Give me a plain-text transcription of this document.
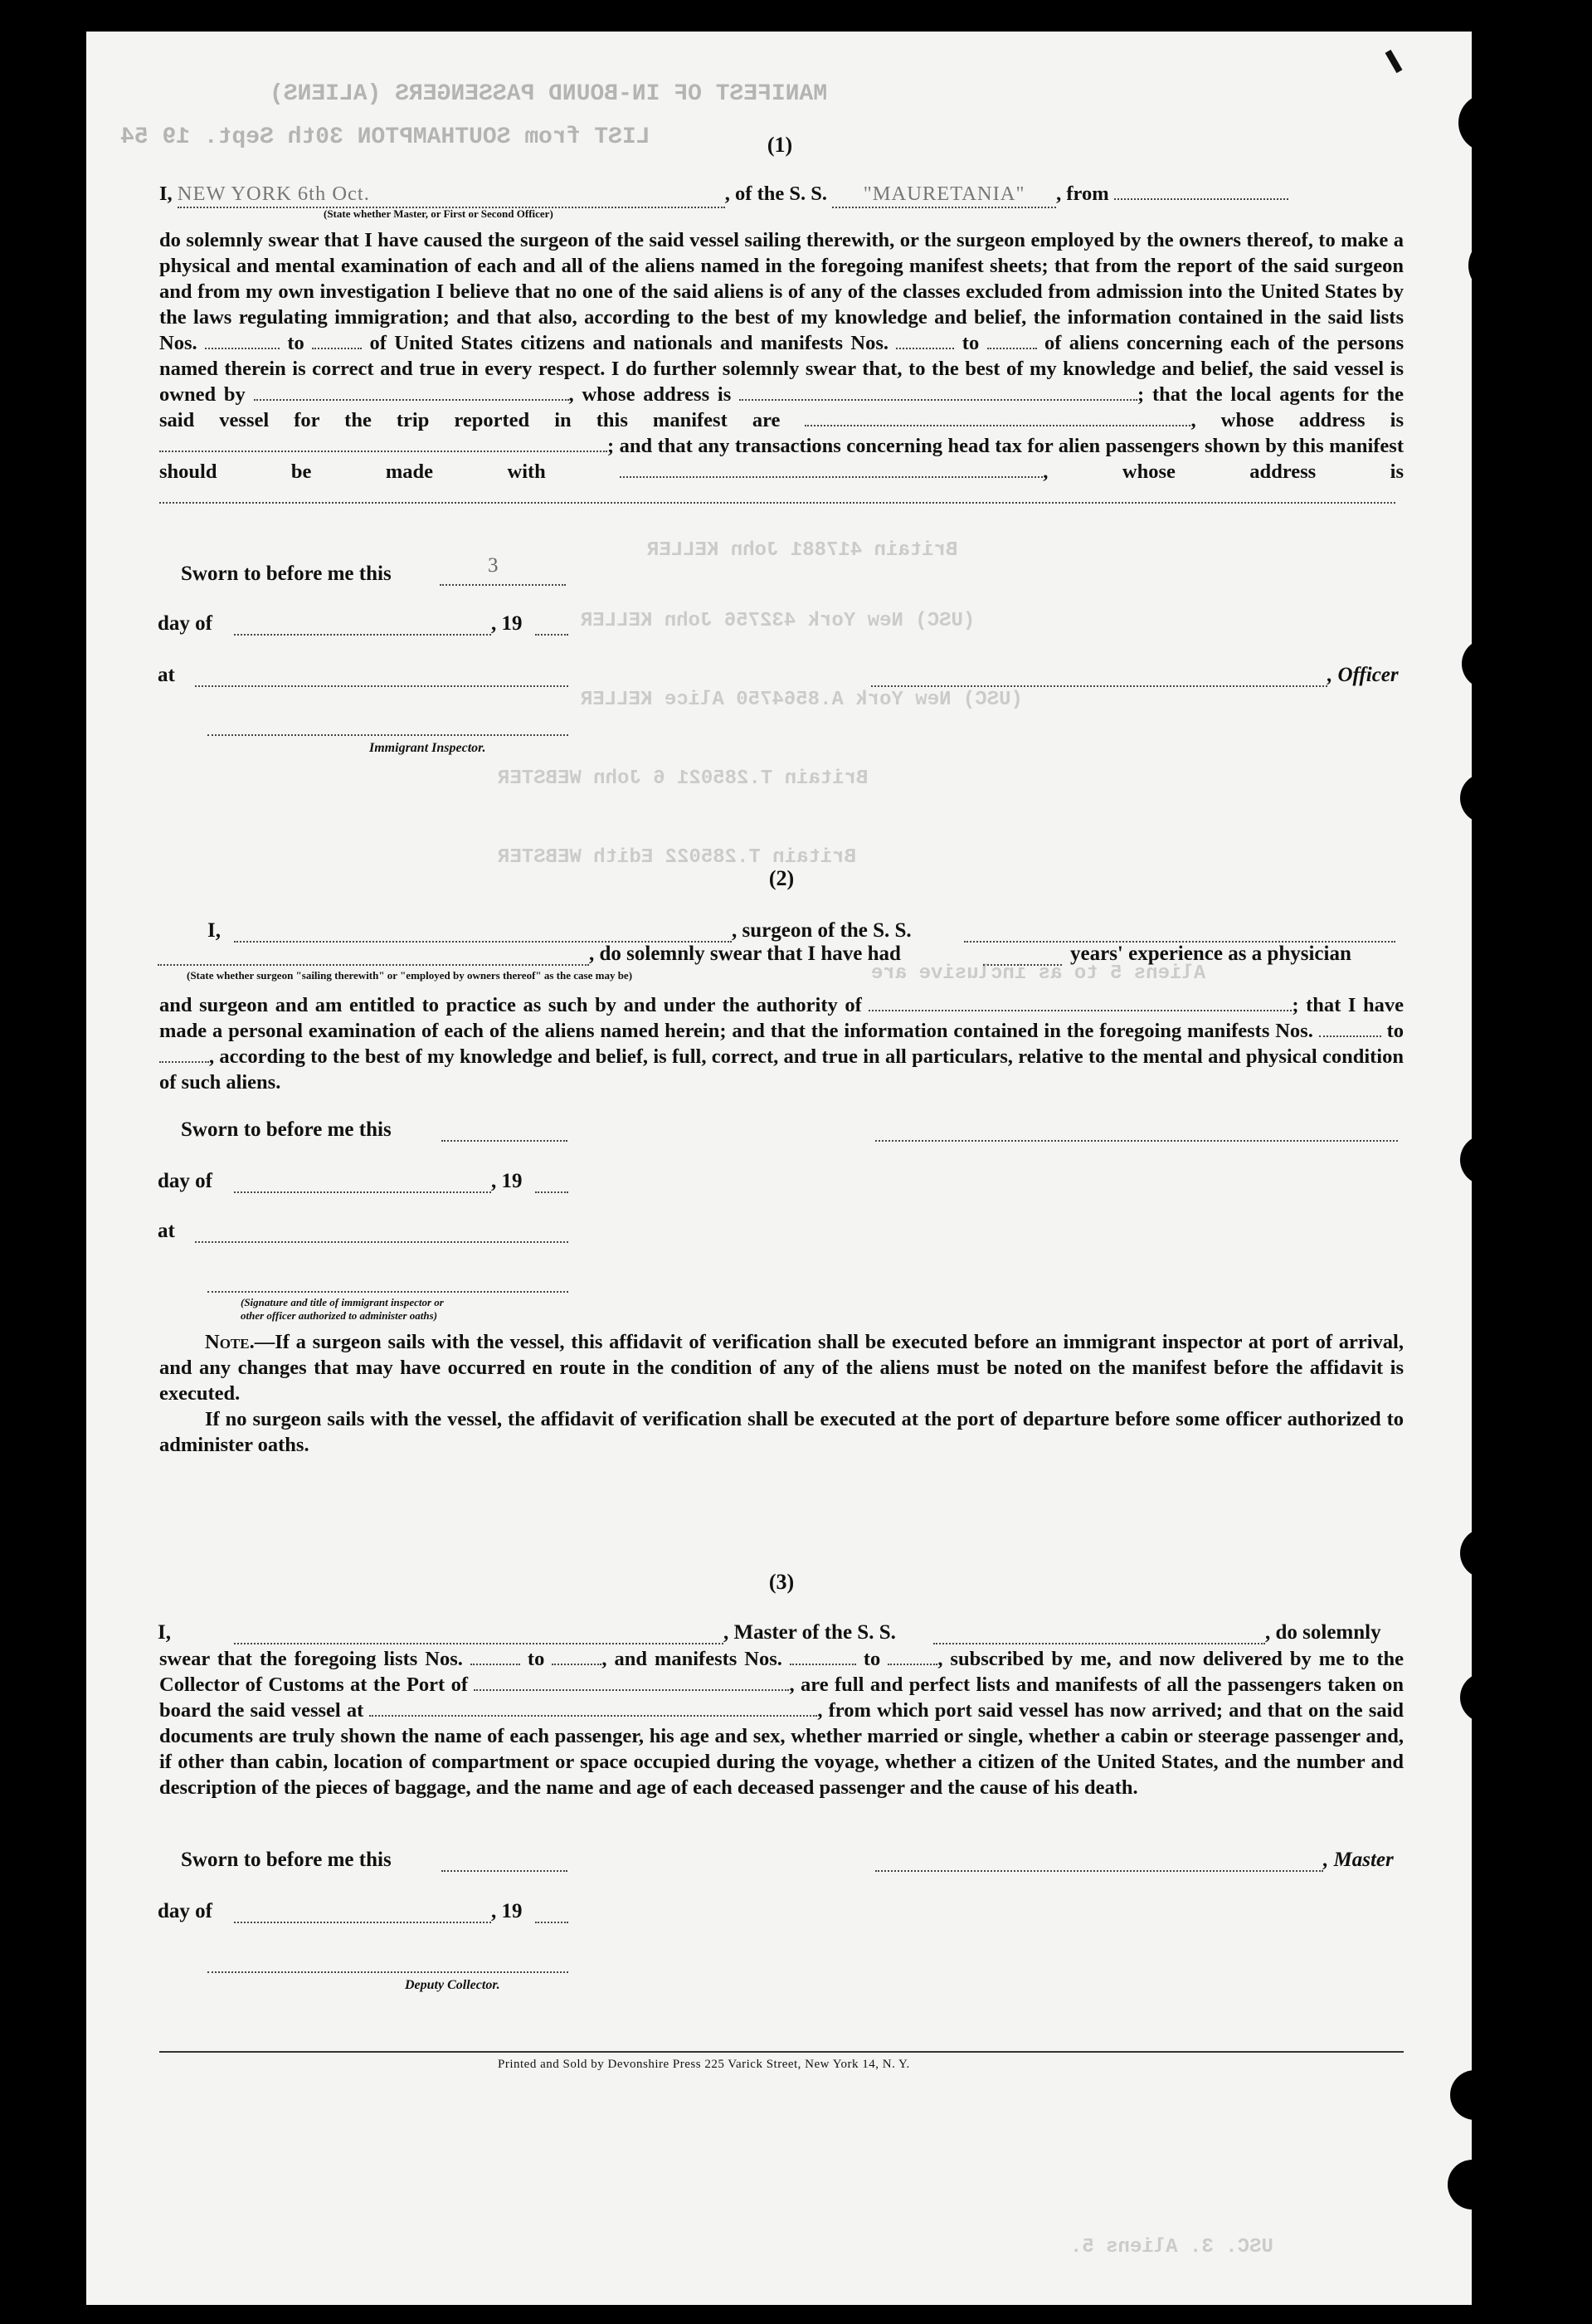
MANIFEST OF IN-BOUND PASSENGERS (ALIENS)
LIST from SOUTHAMPTON 30th Sept. 19 54
Britain 417881 John KELLER
(USC) New York 432756 John KELLER
(USC) New York A.8564750 Alice KELLER
Britain T.285021 6 John WEBSTER
Britain T.285022 Edith WEBSTER
Aliens 5 to as inclusive are
USC. 3. Aliens 5.
(1)
I, NEW YORK 6th Oct.	, of the S. S. "MAURETANIA" , from
(State whether Master, or First or Second Officer)
do solemnly swear that I have caused the surgeon of the said vessel sailing therewith, or the surgeon employed by the owners thereof, to make a physical and mental examination of each and all of the aliens named in the foregoing manifest sheets; that from the report of the said surgeon and from my own investigation I believe that no one of the said aliens is of any of the classes excluded from admission into the United States by the laws regulating immigration; and that also, according to the best of my knowledge and belief, the information contained in the said lists Nos.	to	of United States citizens and nationals and manifests Nos.	to	of aliens concerning each of the persons named therein is correct and true in every respect. I do further solemnly swear that, to the best of my knowledge and belief, the said vessel is owned by	, whose address is	; that the local agents for the said vessel for the trip reported in this manifest are	, whose address is ; and that any transactions concerning head tax for alien passengers shown by this manifest should be made with	, whose address is
Sworn to before me this	3
day of	, 19
at	, Officer
Immigrant Inspector.
(2)
I,	, surgeon of the S. S.
, do solemnly swear that I have had	years' experience as a physician
(State whether surgeon "sailing therewith" or "employed by owners thereof" as the case may be)
and surgeon and am entitled to practice as such by and under the authority of	; that I have made a personal examination of each of the aliens named herein; and that the information contained in the foregoing manifests Nos.	to , according to the best of my knowledge and belief, is full, correct, and true in all particulars, relative to the mental and physical condition of such aliens.
Sworn to before me this
day of	, 19
at
(Signature and title of immigrant inspector or
other officer authorized to administer oaths)
Note.—If a surgeon sails with the vessel, this affidavit of verification shall be executed before an immigrant inspector at port of arrival, and any changes that may have occurred en route in the condition of any of the aliens must be noted on the manifest before the affidavit is executed.
If no surgeon sails with the vessel, the affidavit of verification shall be executed at the port of departure before some officer authorized to administer oaths.
(3)
I,	, Master of the S. S.	, do solemnly
swear that the foregoing lists Nos.	to	, and manifests Nos.	to	, subscribed by me, and now delivered by me to the Collector of Customs at the Port of	, are full and perfect lists and manifests of all the passengers taken on board the said vessel at	, from which port said vessel has now arrived; and that on the said documents are truly shown the name of each passenger, his age and sex, whether married or single, whether a cabin or steerage passenger and, if other than cabin, location of compartment or space occupied during the voyage, whether a citizen of the United States, and the number and description of the pieces of baggage, and the name and age of each deceased passenger and the cause of his death.
Sworn to before me this	, Master
day of	, 19
Deputy Collector.
Printed and Sold by Devonshire Press 225 Varick Street, New York 14, N. Y.
